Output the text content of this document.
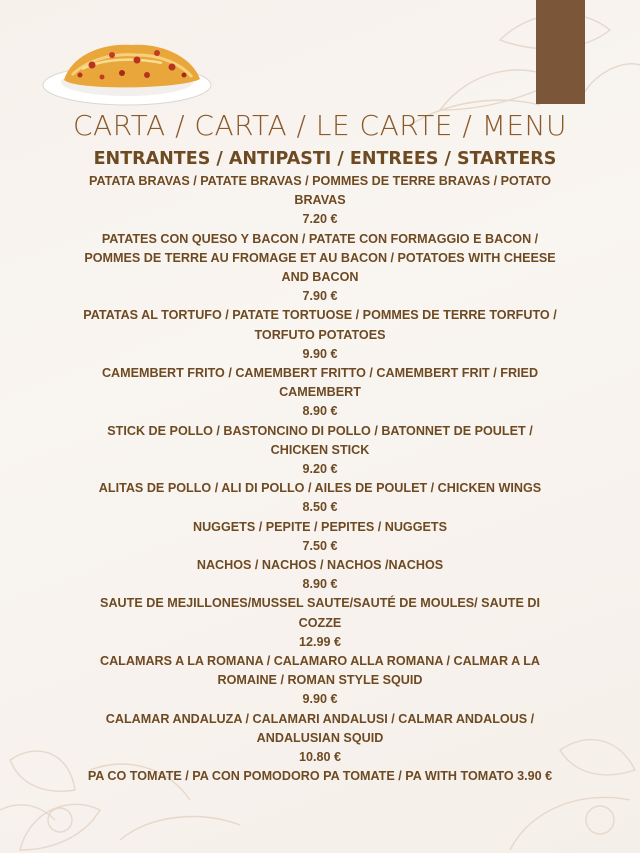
CARTA / CARTA / LE CARTE / MENU
ENTRANTES / ANTIPASTI / ENTREES / STARTERS
PATATA BRAVAS / PATATE BRAVAS / POMMES DE TERRE BRAVAS / POTATO BRAVAS
7.20 €
PATATES CON QUESO Y BACON / PATATE CON FORMAGGIO E BACON / POMMES DE TERRE AU FROMAGE ET AU BACON / POTATOES WITH CHEESE AND BACON
7.90 €
PATATAS AL TORTUFO / PATATE TORTUOSE / POMMES DE TERRE TORFUTO / TORFUTO POTATOES
9.90 €
CAMEMBERT FRITO / CAMEMBERT FRITTO / CAMEMBERT FRIT / FRIED CAMEMBERT
8.90 €
STICK DE POLLO / BASTONCINO DI POLLO / BATONNET DE POULET / CHICKEN STICK
9.20 €
ALITAS DE POLLO / ALI DI POLLO / AILES DE POULET / CHICKEN WINGS
8.50 €
NUGGETS / PEPITE / PEPITES / NUGGETS
7.50 €
NACHOS / NACHOS / NACHOS /NACHOS
8.90 €
SAUTE DE MEJILLONES/MUSSEL SAUTE/SAUTÉ DE MOULES/ SAUTE DI COZZE
12.99 €
CALAMARS A LA ROMANA / CALAMARO ALLA ROMANA / CALMAR A LA ROMAINE / ROMAN STYLE SQUID
9.90 €
CALAMAR ANDALUZA / CALAMARI ANDALUSI / CALMAR ANDALOUS / ANDALUSIAN SQUID
10.80 €
PA CO TOMATE / PA CON POMODORO PA TOMATE / PA WITH TOMATO 3.90 €
